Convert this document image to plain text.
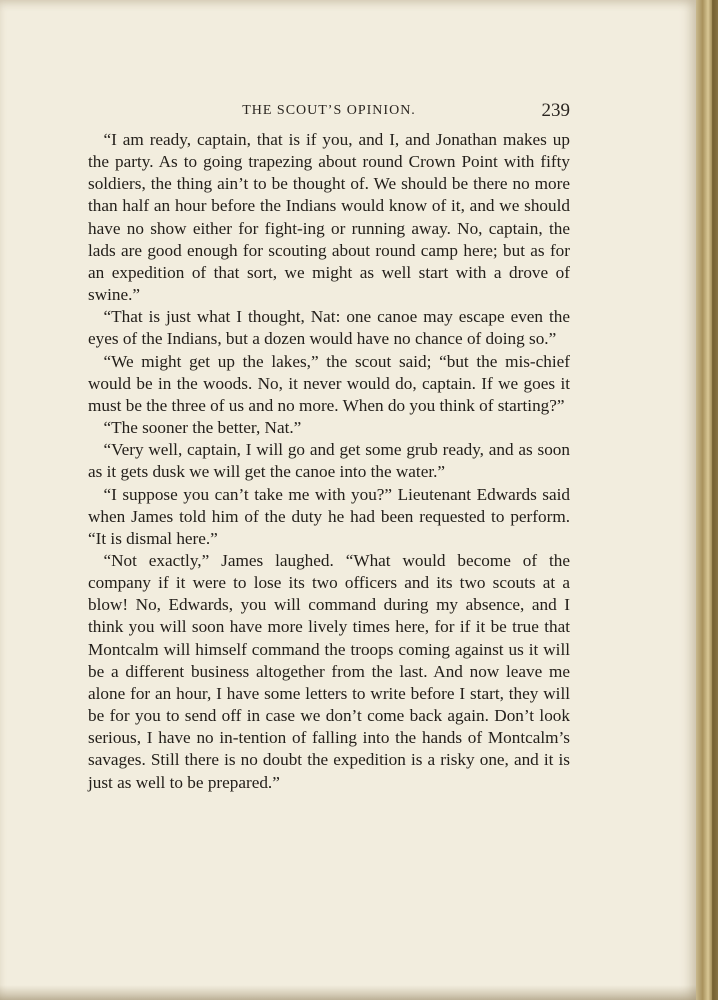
THE SCOUT’S OPINION.	239

“I am ready, captain, that is if you, and I, and Jonathan makes up the party. As to going trapezing about round Crown Point with fifty soldiers, the thing ain’t to be thought of. We should be there no more than half an hour before the Indians would know of it, and we should have no show either for fight-ing or running away. No, captain, the lads are good enough for scouting about round camp here; but as for an expedition of that sort, we might as well start with a drove of swine.”

“That is just what I thought, Nat: one canoe may escape even the eyes of the Indians, but a dozen would have no chance of doing so.”

“We might get up the lakes,” the scout said; “but the mis-chief would be in the woods. No, it never would do, captain. If we goes it must be the three of us and no more. When do you think of starting?”

“The sooner the better, Nat.”

“Very well, captain, I will go and get some grub ready, and as soon as it gets dusk we will get the canoe into the water.”

“I suppose you can’t take me with you?” Lieutenant Edwards said when James told him of the duty he had been requested to perform. “It is dismal here.”

“Not exactly,” James laughed. “What would become of the company if it were to lose its two officers and its two scouts at a blow! No, Edwards, you will command during my absence, and I think you will soon have more lively times here, for if it be true that Montcalm will himself command the troops coming against us it will be a different business altogether from the last. And now leave me alone for an hour, I have some letters to write before I start, they will be for you to send off in case we don’t come back again. Don’t look serious, I have no in-tention of falling into the hands of Montcalm’s savages. Still there is no doubt the expedition is a risky one, and it is just as well to be prepared.”
